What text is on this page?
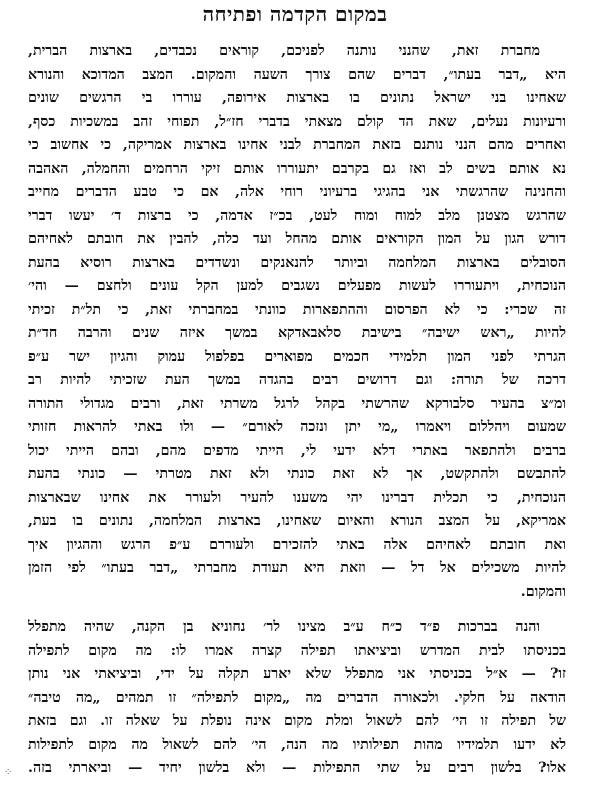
במקום הקדמה ופתיחה
מחברת זאת, שהנני נותנה לפניכם, קוראים נכבדים, בארצות הברית,
היא „דבר בעתו״, דברים שהם צורך השעה והמקום. המצב המדוכא והנורא
שאחינו בני ישראל נתונים בו בארצות אירופה, עוררו בי הרגשים שונים
ורעיונות נעלים, שאת הד קולם מצאתי בדברי חז״ל, תפוחי זהב במשכיות כסף,
ואחרים מהם הנני נותנם בזאת המחברת לבני אחינו בארצות אמריקה, כי אחשוב כי
נא אותם בשים לב ואז גם בקרבם יתעוררו אותם זיקי הרחמים והחמלה, האהבה
והחנינה שהרגשתי אני בהגיגי ברעיוני רוחי אלה, אם כי טבע הדברים מחייב
שהרגש מצטנן מלב למוח ומוח לעט, בכ״ז אדמה, כי ברצות ד׳ יעשו דברי
דורש הגון על המון הקוראים אותם מהחל ועד כלה, להבין את חובתם לאחיהם
הסובלים בארצות המלחמה וביותר להנאנקים ונשדדים בארצות רוסיא בהעת
הנוכחית, ויתעוררו לעשות מפעלים נשגבים למען הקל עונים ולחצם — והי׳
זה שכרי: כי לא הפרסום וההתפארות כוונתי במחברתי זאת, כי תל״ת זכיתי
להיות „ראש ישיבה״ בישיבת סלאבאדקא במשך איזה שנים והרבה חד״ת
הגרתי לפני המון תלמידי חכמים מפוארים בפלפול עמוק והגיון ישר ע״פ
דרכה של תורה: וגם דרושים רבים בהגדה במשך העת שזכיתי להיות רב
ומ״צ בהעיר סלבורקא שהרשתי בקהל לרגל משרתי זאת, ורבים מגדולי התורה
שמעום ויהללום ויאמרו „מי יתן ונזכה לאורם״ — ולו באתי להראות חזותי
ברבים ולהתפאר באתרי דלא ידעי לי, הייתי מדפים מהם, ובהם הייתי יכול
להתבשם ולהתקשט, אך לא זאת כונתי ולא זאת מטרתי — כונתי בהעת
הנוכחית, כי תכלית דברינו יהי משענו להעיר ולעורר את אחינו שבארצות
אמריקא, על המצב הנורא והאיום שאחינו, בארצות המלחמה, נתונים בו בעת,
ואת חובתם לאחיהם אלה באתי להזכירם ולעוררם ע״פ הרגש וההגיון איך
להיות משכילים אל דל — וזאת היא תעודת מחברתי „דבר בעתו״ לפי הזמן
והמקום.
והנה בברכות פ״ד כ״ח ע״ב מצינו לר׳ נחוניא בן הקנה, שהיה מתפלל
בכניסתו לבית המדרש וביציאתו תפילה קצרה אמרו לו: מה מקום לתפילה
זו? — א״ל בכניסתי אני מתפלל שלא יארע תקלה על ידי, וביציאתי אני נותן
הודאה על חלקי. ולכאורה הדברים מה „מקום לתפילה״ זו תמהים „מה טיבה״
של תפילה זו הי׳ להם לשאול ומלת מקום אינה נופלת על שאלה זו. וגם בזאת
לא ידעו תלמידיו מהות תפילותיו מה הנה, הי׳ להם לשאול מה מקום לתפילות
אלו? בלשון רבים על שתי התפילות — ולא בלשון יחיד — וביארתי בזה.
⁘
